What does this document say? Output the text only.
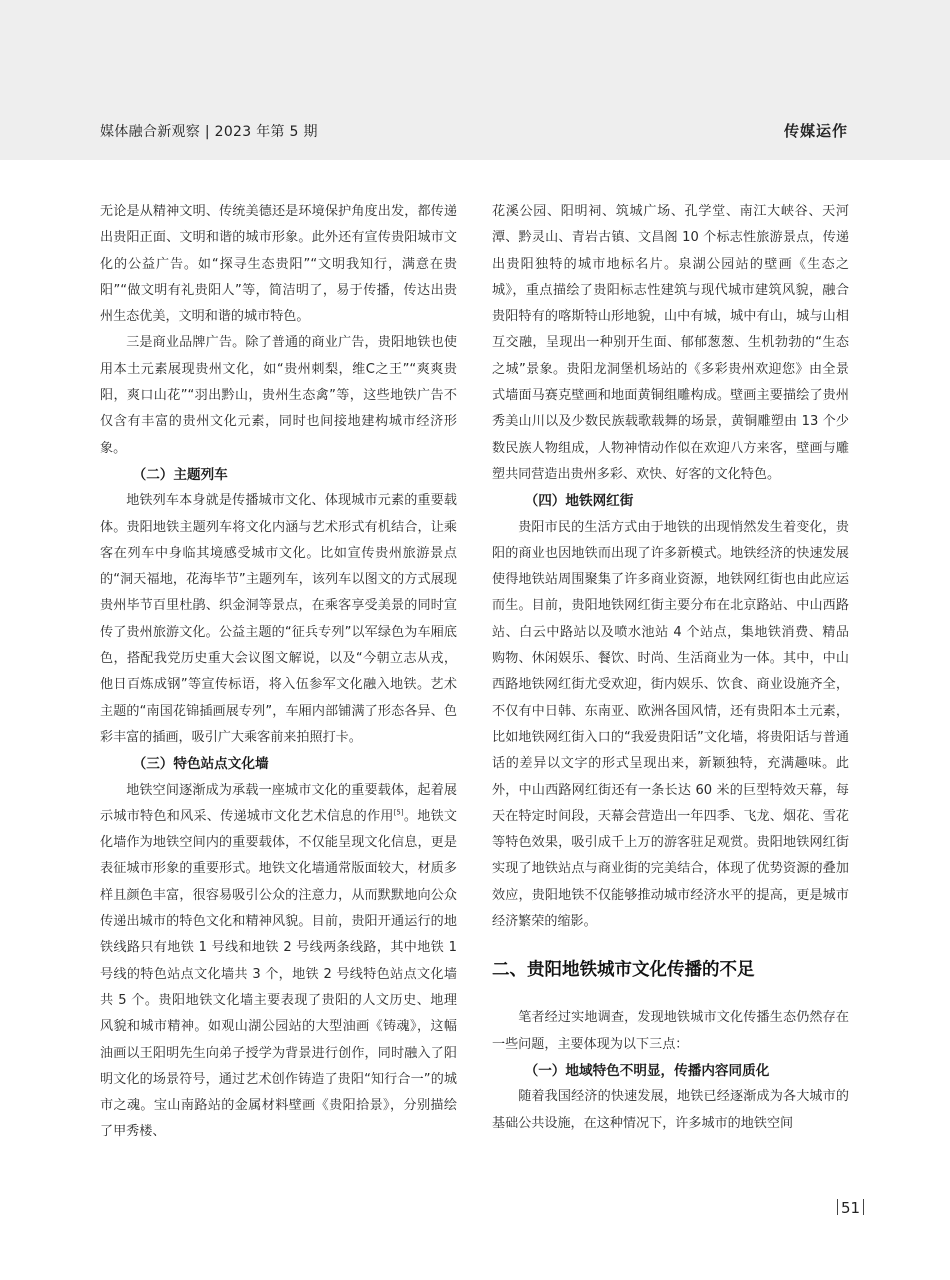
媒体融合新观察 | 2023 年第 5 期	传媒运作

无论是从精神文明、传统美德还是环境保护角度出发，都传递出贵阳正面、文明和谐的城市形象。此外还有宣传贵阳城市文化的公益广告。如“探寻生态贵阳”“文明我知行，满意在贵阳”“做文明有礼贵阳人”等，简洁明了，易于传播，传达出贵州生态优美，文明和谐的城市特色。

三是商业品牌广告。除了普通的商业广告，贵阳地铁也使用本土元素展现贵州文化，如“贵州刺梨，维C之王”“爽爽贵阳，爽口山花”“羽出黔山，贵州生态禽”等，这些地铁广告不仅含有丰富的贵州文化元素，同时也间接地建构城市经济形象。

（二）主题列车

地铁列车本身就是传播城市文化、体现城市元素的重要载体。贵阳地铁主题列车将文化内涵与艺术形式有机结合，让乘客在列车中身临其境感受城市文化。比如宣传贵州旅游景点的“洞天福地，花海毕节”主题列车，该列车以图文的方式展现贵州毕节百里杜鹃、织金洞等景点，在乘客享受美景的同时宣传了贵州旅游文化。公益主题的“征兵专列”以军绿色为车厢底色，搭配我党历史重大会议图文解说，以及“今朝立志从戎，他日百炼成钢”等宣传标语，将入伍参军文化融入地铁。艺术主题的“南国花锦插画展专列”，车厢内部铺满了形态各异、色彩丰富的插画，吸引广大乘客前来拍照打卡。

（三）特色站点文化墙

地铁空间逐渐成为承载一座城市文化的重要载体，起着展示城市特色和风采、传递城市文化艺术信息的作用[5]。地铁文化墙作为地铁空间内的重要载体，不仅能呈现文化信息，更是表征城市形象的重要形式。地铁文化墙通常版面较大，材质多样且颜色丰富，很容易吸引公众的注意力，从而默默地向公众传递出城市的特色文化和精神风貌。目前，贵阳开通运行的地铁线路只有地铁 1 号线和地铁 2 号线两条线路，其中地铁 1 号线的特色站点文化墙共 3 个，地铁 2 号线特色站点文化墙共 5 个。贵阳地铁文化墙主要表现了贵阳的人文历史、地理风貌和城市精神。如观山湖公园站的大型油画《铸魂》，这幅油画以王阳明先生向弟子授学为背景进行创作，同时融入了阳明文化的场景符号，通过艺术创作铸造了贵阳“知行合一”的城市之魂。宝山南路站的金属材料壁画《贵阳拾景》，分别描绘了甲秀楼、

花溪公园、阳明祠、筑城广场、孔学堂、南江大峡谷、天河潭、黔灵山、青岩古镇、文昌阁 10 个标志性旅游景点，传递出贵阳独特的城市地标名片。泉湖公园站的壁画《生态之城》，重点描绘了贵阳标志性建筑与现代城市建筑风貌，融合贵阳特有的喀斯特山形地貌，山中有城，城中有山，城与山相互交融，呈现出一种别开生面、郁郁葱葱、生机勃勃的“生态之城”景象。贵阳龙洞堡机场站的《多彩贵州欢迎您》由全景式墙面马赛克壁画和地面黄铜组雕构成。壁画主要描绘了贵州秀美山川以及少数民族载歌载舞的场景，黄铜雕塑由 13 个少数民族人物组成，人物神情动作似在欢迎八方来客，壁画与雕塑共同营造出贵州多彩、欢快、好客的文化特色。

（四）地铁网红街

贵阳市民的生活方式由于地铁的出现悄然发生着变化，贵阳的商业也因地铁而出现了许多新模式。地铁经济的快速发展使得地铁站周围聚集了许多商业资源，地铁网红街也由此应运而生。目前，贵阳地铁网红街主要分布在北京路站、中山西路站、白云中路站以及喷水池站 4 个站点，集地铁消费、精品购物、休闲娱乐、餐饮、时尚、生活商业为一体。其中，中山西路地铁网红街尤受欢迎，街内娱乐、饮食、商业设施齐全，不仅有中日韩、东南亚、欧洲各国风情，还有贵阳本土元素，比如地铁网红街入口的“我爱贵阳话”文化墙，将贵阳话与普通话的差异以文字的形式呈现出来，新颖独特，充满趣味。此外，中山西路网红街还有一条长达 60 米的巨型特效天幕，每天在特定时间段，天幕会营造出一年四季、飞龙、烟花、雪花等特色效果，吸引成千上万的游客驻足观赏。贵阳地铁网红街实现了地铁站点与商业街的完美结合，体现了优势资源的叠加效应，贵阳地铁不仅能够推动城市经济水平的提高，更是城市经济繁荣的缩影。

二、贵阳地铁城市文化传播的不足

笔者经过实地调查，发现地铁城市文化传播生态仍然存在一些问题，主要体现为以下三点：

（一）地域特色不明显，传播内容同质化

随着我国经济的快速发展，地铁已经逐渐成为各大城市的基础公共设施，在这种情况下，许多城市的地铁空间

51
